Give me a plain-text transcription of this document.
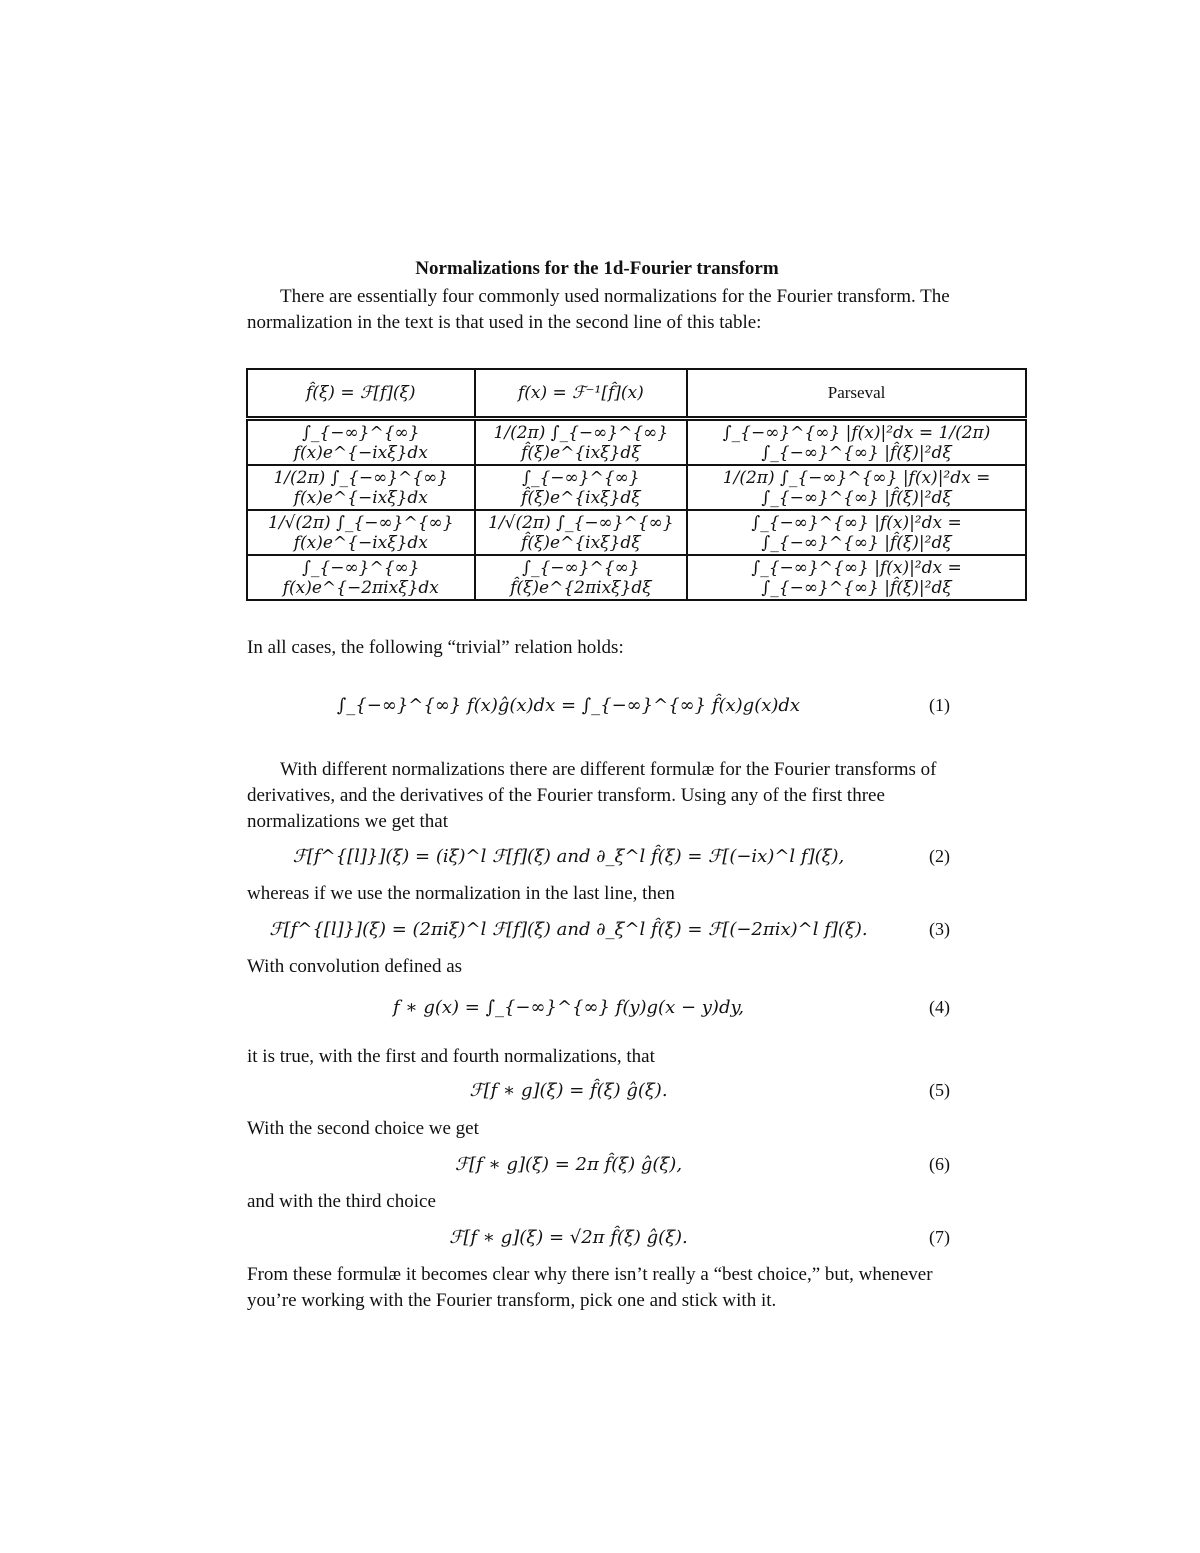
Normalizations for the 1d-Fourier transform
There are essentially four commonly used normalizations for the Fourier transform. The normalization in the text is that used in the second line of this table:
f̂(ξ) = ℱ[f](ξ)	f(x) = ℱ⁻¹[f̂](x)	Parseval
∫_{−∞}^{∞} f(x)e^{−ixξ}dx	1/(2π) ∫_{−∞}^{∞} f̂(ξ)e^{ixξ}dξ	∫_{−∞}^{∞} |f(x)|²dx = 1/(2π) ∫_{−∞}^{∞} |f̂(ξ)|²dξ
1/(2π) ∫_{−∞}^{∞} f(x)e^{−ixξ}dx	∫_{−∞}^{∞} f̂(ξ)e^{ixξ}dξ	1/(2π) ∫_{−∞}^{∞} |f(x)|²dx = ∫_{−∞}^{∞} |f̂(ξ)|²dξ
1/√(2π) ∫_{−∞}^{∞} f(x)e^{−ixξ}dx	1/√(2π) ∫_{−∞}^{∞} f̂(ξ)e^{ixξ}dξ	∫_{−∞}^{∞} |f(x)|²dx = ∫_{−∞}^{∞} |f̂(ξ)|²dξ
∫_{−∞}^{∞} f(x)e^{−2πixξ}dx	∫_{−∞}^{∞} f̂(ξ)e^{2πixξ}dξ	∫_{−∞}^{∞} |f(x)|²dx = ∫_{−∞}^{∞} |f̂(ξ)|²dξ
In all cases, the following “trivial” relation holds:
∫_{−∞}^{∞} f(x)ĝ(x)dx = ∫_{−∞}^{∞} f̂(x)g(x)dx	(1)
With different normalizations there are different formulæ for the Fourier transforms of derivatives, and the derivatives of the Fourier transform. Using any of the first three normalizations we get that
ℱ[f^{[l]}](ξ) = (iξ)^l ℱ[f](ξ) and ∂_ξ^l f̂(ξ) = ℱ[(−ix)^l f](ξ),	(2)
whereas if we use the normalization in the last line, then
ℱ[f^{[l]}](ξ) = (2πiξ)^l ℱ[f](ξ) and ∂_ξ^l f̂(ξ) = ℱ[(−2πix)^l f](ξ).	(3)
With convolution defined as
f ∗ g(x) = ∫_{−∞}^{∞} f(y)g(x − y)dy,	(4)
it is true, with the first and fourth normalizations, that
ℱ[f ∗ g](ξ) = f̂(ξ) ĝ(ξ).	(5)
With the second choice we get
ℱ[f ∗ g](ξ) = 2π f̂(ξ) ĝ(ξ),	(6)
and with the third choice
ℱ[f ∗ g](ξ) = √2π f̂(ξ) ĝ(ξ).	(7)
From these formulæ it becomes clear why there isn’t really a “best choice,” but, whenever you’re working with the Fourier transform, pick one and stick with it.
